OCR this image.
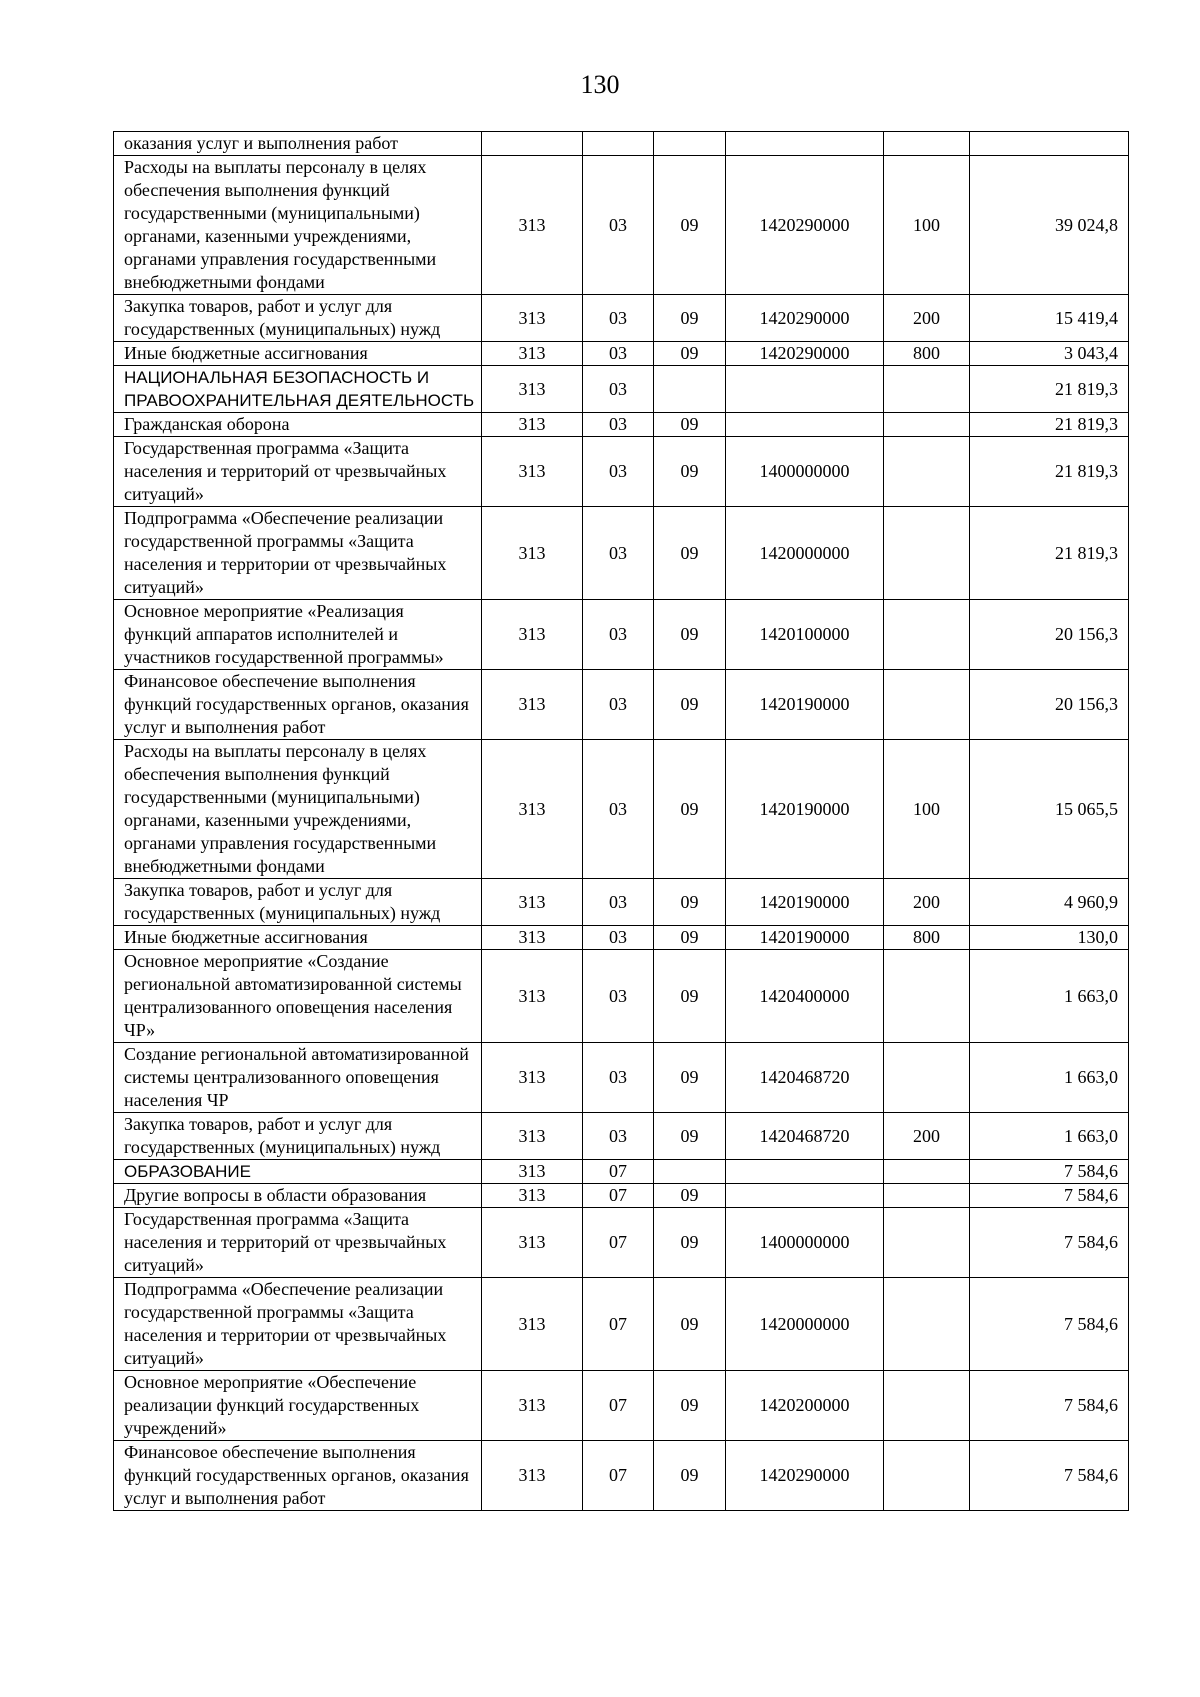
130
оказания услуг и выполнения работ						
Расходы на выплаты персоналу в целях обеспечения выполнения функций государственными (муниципальными) органами, казенными учреждениями, органами управления государственными внебюджетными фондами	313	03	09	1420290000	100	39 024,8
Закупка товаров, работ и услуг для государственных (муниципальных) нужд	313	03	09	1420290000	200	15 419,4
Иные бюджетные ассигнования	313	03	09	1420290000	800	3 043,4
НАЦИОНАЛЬНАЯ БЕЗОПАСНОСТЬ И ПРАВООХРАНИТЕЛЬНАЯ ДЕЯТЕЛЬНОСТЬ	313	03				21 819,3
Гражданская оборона	313	03	09			21 819,3
Государственная программа «Защита населения и территорий от чрезвычайных ситуаций»	313	03	09	1400000000		21 819,3
Подпрограмма «Обеспечение реализации государственной программы «Защита населения и территории от чрезвычайных ситуаций»	313	03	09	1420000000		21 819,3
Основное мероприятие «Реализация функций аппаратов исполнителей и участников государственной программы»	313	03	09	1420100000		20 156,3
Финансовое обеспечение выполнения функций государственных органов, оказания услуг и выполнения работ	313	03	09	1420190000		20 156,3
Расходы на выплаты персоналу в целях обеспечения выполнения функций государственными (муниципальными) органами, казенными учреждениями, органами управления государственными внебюджетными фондами	313	03	09	1420190000	100	15 065,5
Закупка товаров, работ и услуг для государственных (муниципальных) нужд	313	03	09	1420190000	200	4 960,9
Иные бюджетные ассигнования	313	03	09	1420190000	800	130,0
Основное мероприятие «Создание региональной автоматизированной системы централизованного оповещения населения ЧР»	313	03	09	1420400000		1 663,0
Создание региональной автоматизированной системы централизованного оповещения населения ЧР	313	03	09	1420468720		1 663,0
Закупка товаров, работ и услуг для государственных (муниципальных) нужд	313	03	09	1420468720	200	1 663,0
ОБРАЗОВАНИЕ	313	07				7 584,6
Другие вопросы в области образования	313	07	09			7 584,6
Государственная программа «Защита населения и территорий от чрезвычайных ситуаций»	313	07	09	1400000000		7 584,6
Подпрограмма «Обеспечение реализации государственной программы «Защита населения и территории от чрезвычайных ситуаций»	313	07	09	1420000000		7 584,6
Основное мероприятие «Обеспечение реализации функций государственных учреждений»	313	07	09	1420200000		7 584,6
Финансовое обеспечение выполнения функций государственных органов, оказания услуг и выполнения работ	313	07	09	1420290000		7 584,6
